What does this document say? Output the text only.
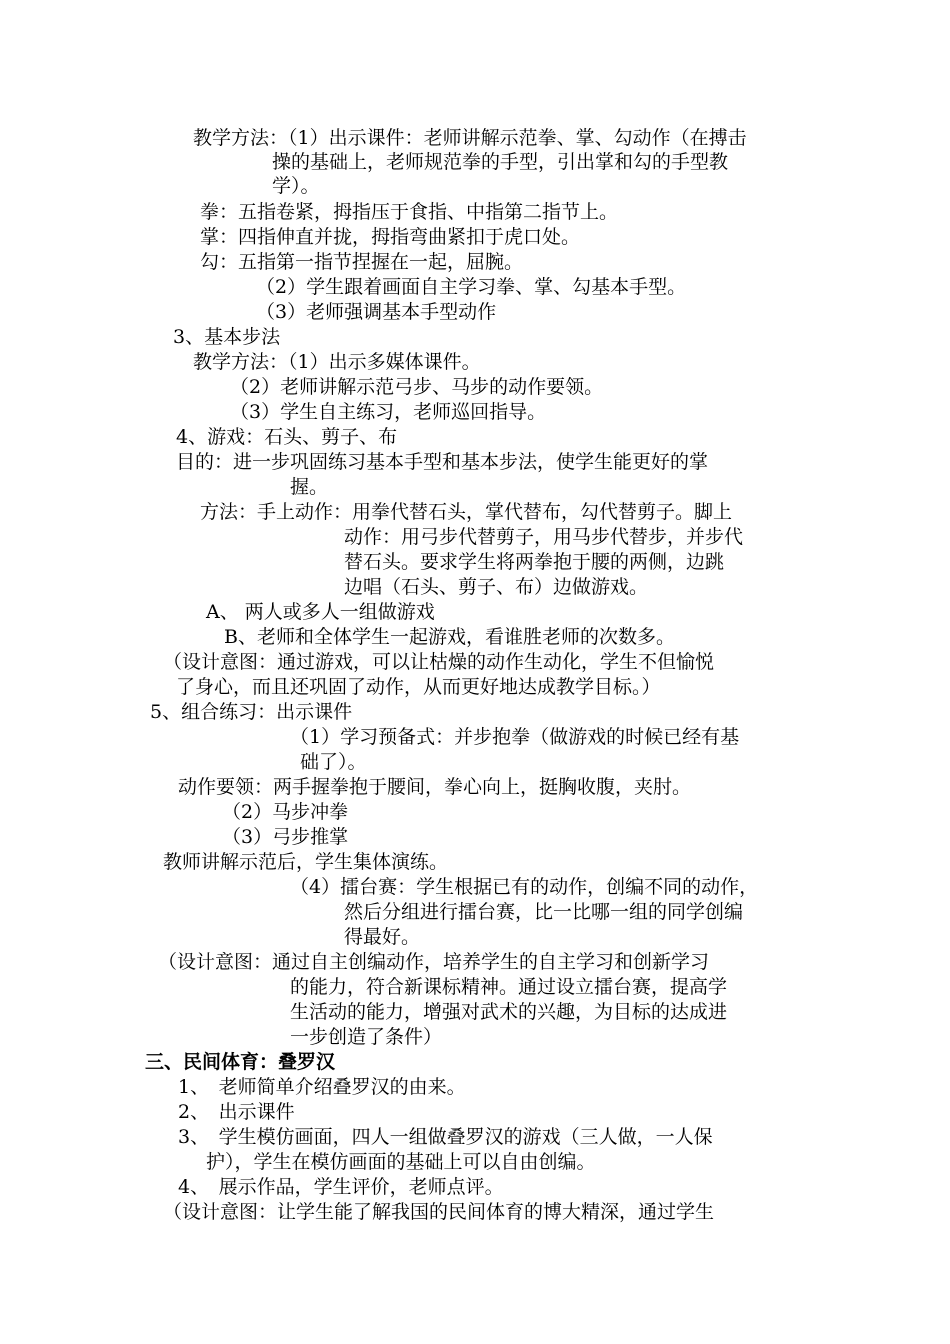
教学方法：（1）出示课件：老师讲解示范拳、掌、勾动作（在搏击
操的基础上，老师规范拳的手型，引出掌和勾的手型教
学）。
拳：五指卷紧，拇指压于食指、中指第二指节上。
掌：四指伸直并拢，拇指弯曲紧扣于虎口处。
勾：五指第一指节捏握在一起，屈腕。
（2）学生跟着画面自主学习拳、掌、勾基本手型。
（3）老师强调基本手型动作
3、基本步法
教学方法：（1）出示多媒体课件。
（2）老师讲解示范弓步、马步的动作要领。
（3）学生自主练习，老师巡回指导。
4、游戏：石头、剪子、布
目的：进一步巩固练习基本手型和基本步法，使学生能更好的掌
握。
方法：手上动作：用拳代替石头，掌代替布，勾代替剪子。脚上
动作：用弓步代替剪子，用马步代替步，并步代
替石头。要求学生将两拳抱于腰的两侧，边跳
边唱（石头、剪子、布）边做游戏。
A、 两人或多人一组做游戏
B、老师和全体学生一起游戏，看谁胜老师的次数多。
（设计意图：通过游戏，可以让枯燥的动作生动化，学生不但愉悦
了身心，而且还巩固了动作，从而更好地达成教学目标。）
5、组合练习：出示课件
（1）学习预备式：并步抱拳（做游戏的时候已经有基
础了）。
动作要领：两手握拳抱于腰间，拳心向上，挺胸收腹，夹肘。
（2）马步冲拳
（3）弓步推掌
教师讲解示范后，学生集体演练。
（4）擂台赛：学生根据已有的动作，创编不同的动作，
然后分组进行擂台赛，比一比哪一组的同学创编
得最好。
（设计意图：通过自主创编动作，培养学生的自主学习和创新学习
的能力，符合新课标精神。通过设立擂台赛，提高学
生活动的能力，增强对武术的兴趣，为目标的达成进
一步创造了条件）
三、民间体育：叠罗汉
1、　老师简单介绍叠罗汉的由来。
2、　出示课件
3、　学生模仿画面，四人一组做叠罗汉的游戏（三人做，一人保
护），学生在模仿画面的基础上可以自由创编。
4、　展示作品，学生评价，老师点评。
（设计意图：让学生能了解我国的民间体育的博大精深，通过学生
